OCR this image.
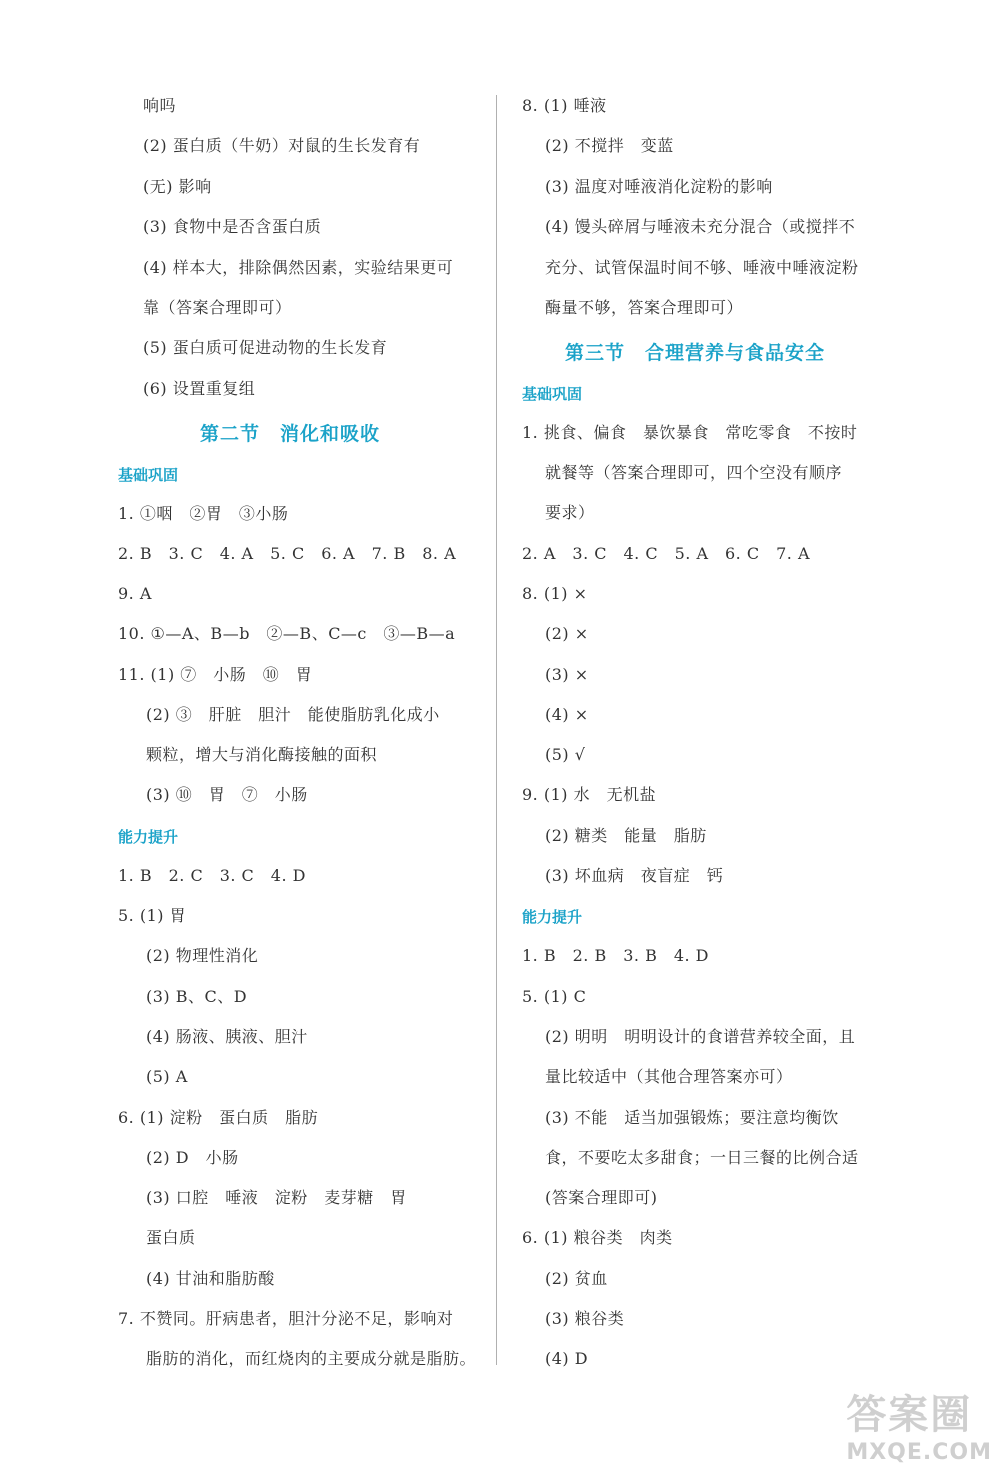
响吗
(2) 蛋白质（牛奶）对鼠的生长发育有
(无) 影响
(3) 食物中是否含蛋白质
(4) 样本大，排除偶然因素，实验结果更可
靠（答案合理即可）
(5) 蛋白质可促进动物的生长发育
(6) 设置重复组
第二节　消化和吸收
基础巩固
1. ①咽　②胃　③小肠
2. B　3. C　4. A　5. C　6. A　7. B　8. A
9. A
10. ①—A、B—b　②—B、C—c　③—B—a
11. (1) ⑦　小肠　⑩　胃
(2) ③　肝脏　胆汁　能使脂肪乳化成小
颗粒，增大与消化酶接触的面积
(3) ⑩　胃　⑦　小肠
能力提升
1. B　2. C　3. C　4. D
5. (1) 胃
(2) 物理性消化
(3) B、C、D
(4) 肠液、胰液、胆汁
(5) A
6. (1) 淀粉　蛋白质　脂肪
(2) D　小肠
(3) 口腔　唾液　淀粉　麦芽糖　胃
蛋白质
(4) 甘油和脂肪酸
7. 不赞同。肝病患者，胆汁分泌不足，影响对
脂肪的消化，而红烧肉的主要成分就是脂肪。
8. (1) 唾液
(2) 不搅拌　变蓝
(3) 温度对唾液消化淀粉的影响
(4) 馒头碎屑与唾液未充分混合（或搅拌不
充分、试管保温时间不够、唾液中唾液淀粉
酶量不够，答案合理即可）
第三节　合理营养与食品安全
基础巩固
1. 挑食、偏食　暴饮暴食　常吃零食　不按时
就餐等（答案合理即可，四个空没有顺序
要求）
2. A　3. C　4. C　5. A　6. C　7. A
8. (1) ×
(2) ×
(3) ×
(4) ×
(5) √
9. (1) 水　无机盐
(2) 糖类　能量　脂肪
(3) 坏血病　夜盲症　钙
能力提升
1. B　2. B　3. B　4. D
5. (1) C
(2) 明明　明明设计的食谱营养较全面，且
量比较适中（其他合理答案亦可）
(3) 不能　适当加强锻炼；要注意均衡饮
食，不要吃太多甜食；一日三餐的比例合适
(答案合理即可)
6. (1) 粮谷类　肉类
(2) 贫血
(3) 粮谷类
(4) D
答案圈
MXQE.COM
